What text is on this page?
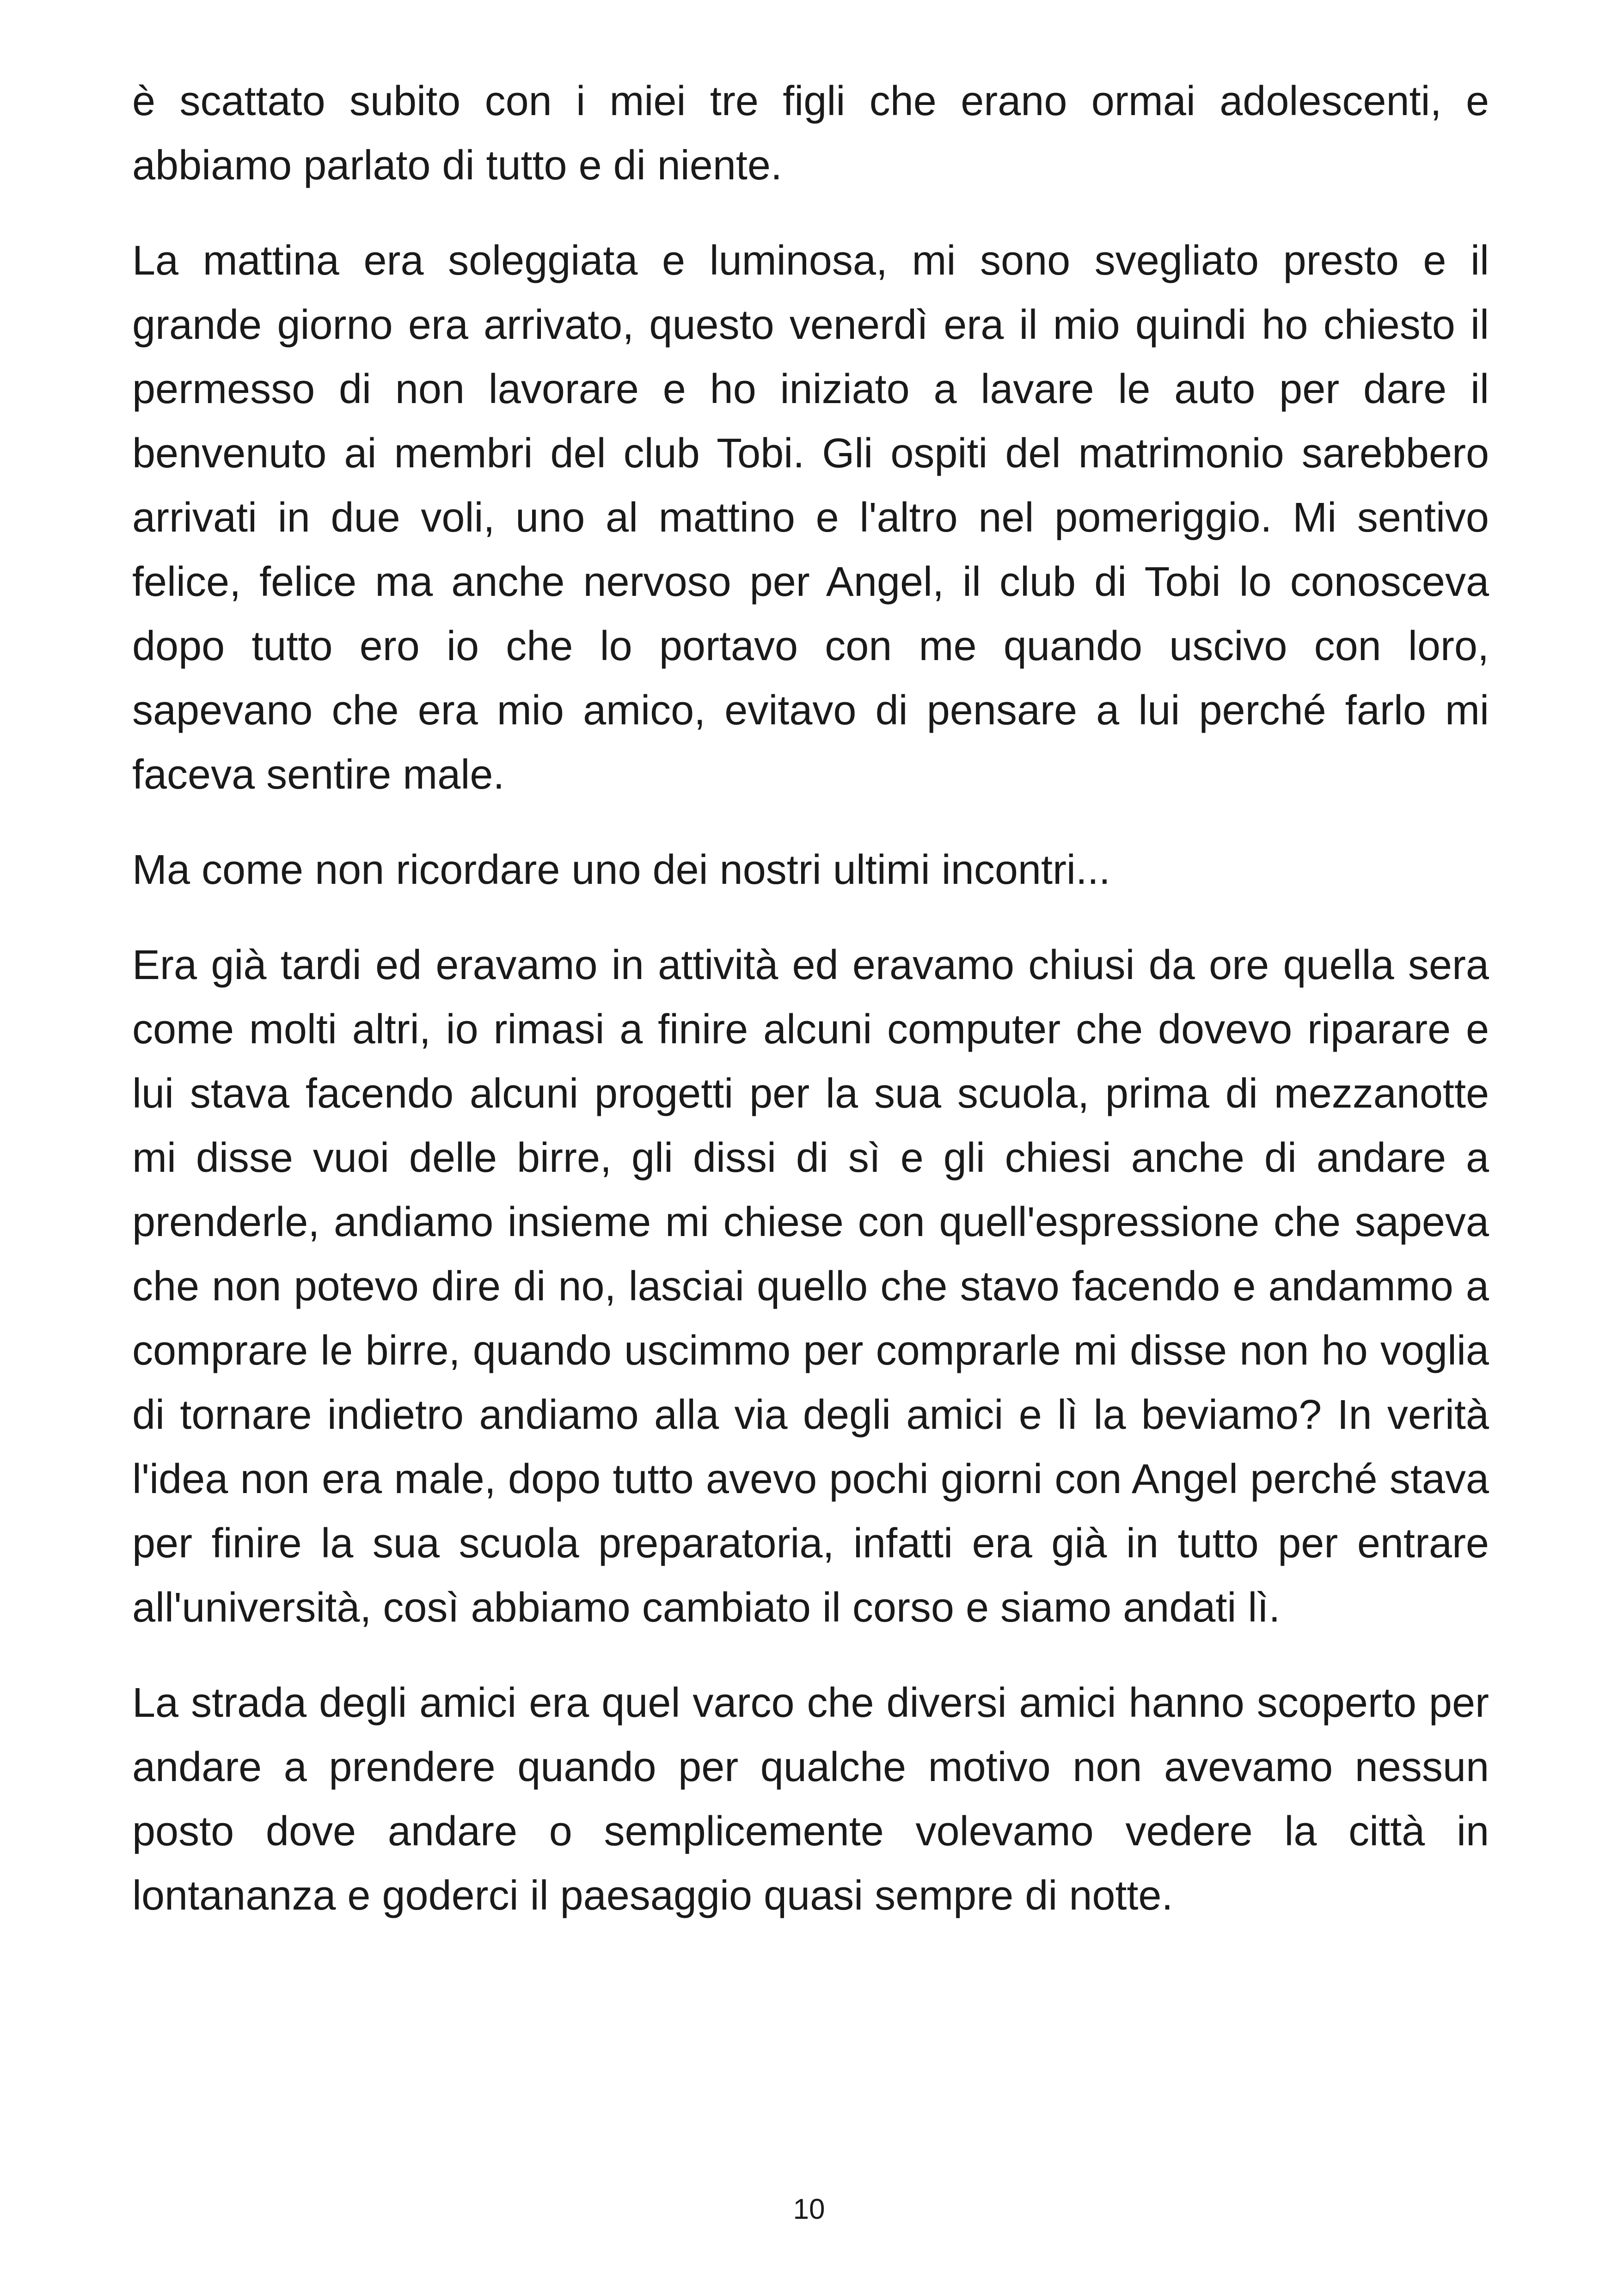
è scattato subito con i miei tre figli che erano ormai adolescenti, e abbiamo parlato di tutto e di niente.

La mattina era soleggiata e luminosa, mi sono svegliato presto e il grande giorno era arrivato, questo venerdì era il mio quindi ho chiesto il permesso di non lavorare e ho iniziato a lavare le auto per dare il benvenuto ai membri del club Tobi. Gli ospiti del matrimonio sarebbero arrivati in due voli, uno al mattino e l'altro nel pomeriggio. Mi sentivo felice, felice ma anche nervoso per Angel, il club di Tobi lo conosceva dopo tutto ero io che lo portavo con me quando uscivo con loro, sapevano che era mio amico, evitavo di pensare a lui perché farlo mi faceva sentire male.

Ma come non ricordare uno dei nostri ultimi incontri...

Era già tardi ed eravamo in attività ed eravamo chiusi da ore quella sera come molti altri, io rimasi a finire alcuni computer che dovevo riparare e lui stava facendo alcuni progetti per la sua scuola, prima di mezzanotte mi disse vuoi delle birre, gli dissi di sì e gli chiesi anche di andare a prenderle, andiamo insieme mi chiese con quell'espressione che sapeva che non potevo dire di no, lasciai quello che stavo facendo e andammo a comprare le birre, quando uscimmo per comprarle mi disse non ho voglia di tornare indietro andiamo alla via degli amici e lì la beviamo? In verità l'idea non era male, dopo tutto avevo pochi giorni con Angel perché stava per finire la sua scuola preparatoria, infatti era già in tutto per entrare all'università, così abbiamo cambiato il corso e siamo andati lì.

La strada degli amici era quel varco che diversi amici hanno scoperto per andare a prendere quando per qualche motivo non avevamo nessun posto dove andare o semplicemente volevamo vedere la città in lontananza e goderci il paesaggio quasi sempre di notte.

10
